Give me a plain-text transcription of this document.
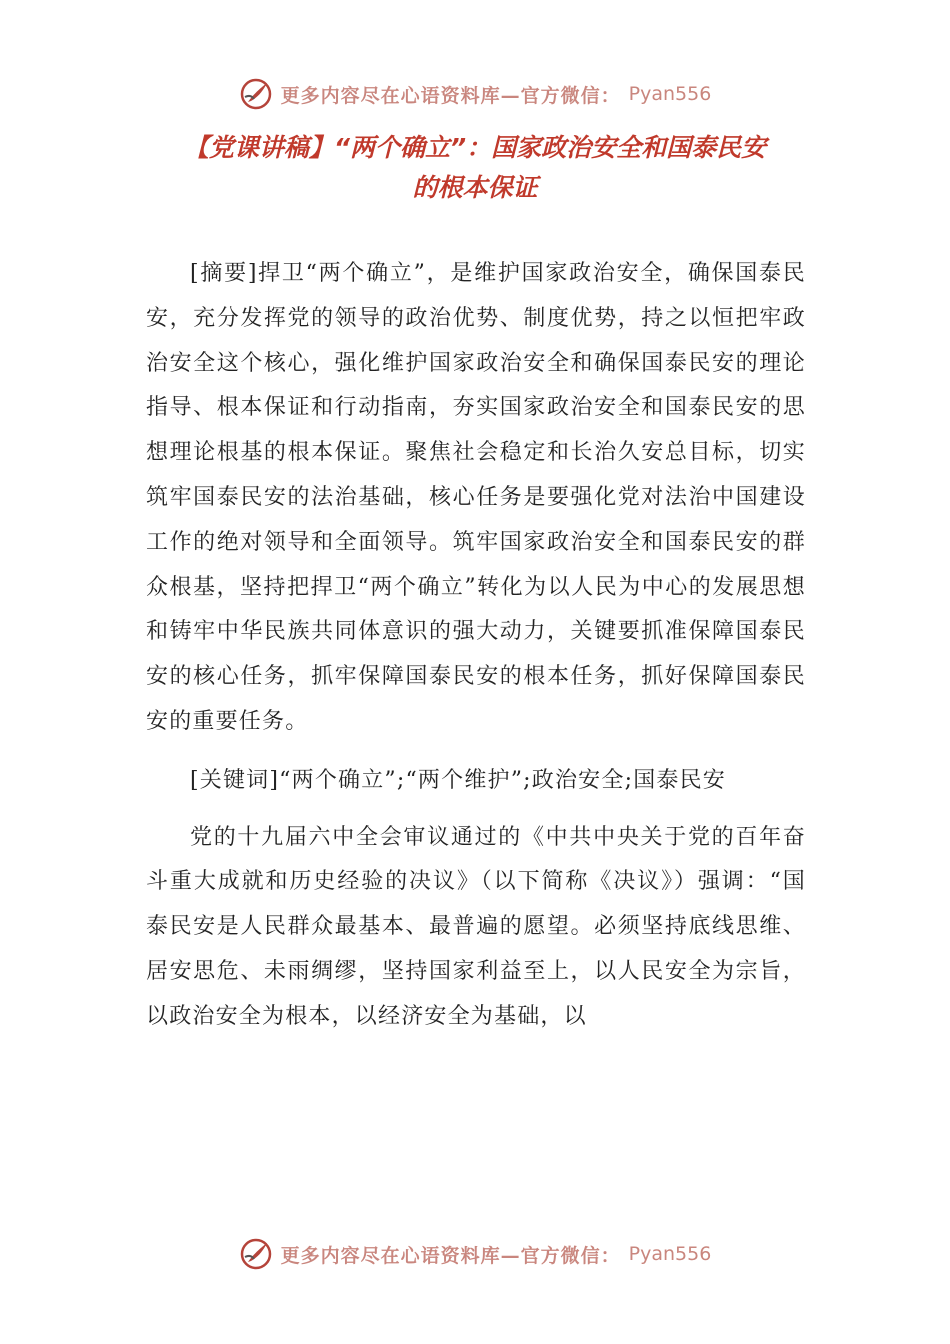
更多内容尽在心语资料库—官方微信： Pyan556
【党课讲稿】“两个确立”：国家政治安全和国泰民安
的根本保证

[摘要]捍卫“两个确立”，是维护国家政治安全，确保国泰民安，充分发挥党的领导的政治优势、制度优势，持之以恒把牢政治安全这个核心，强化维护国家政治安全和确保国泰民安的理论指导、根本保证和行动指南，夯实国家政治安全和国泰民安的思想理论根基的根本保证。聚焦社会稳定和长治久安总目标，切实筑牢国泰民安的法治基础，核心任务是要强化党对法治中国建设工作的绝对领导和全面领导。筑牢国家政治安全和国泰民安的群众根基，坚持把捍卫“两个确立”转化为以人民为中心的发展思想和铸牢中华民族共同体意识的强大动力，关键要抓准保障国泰民安的核心任务，抓牢保障国泰民安的根本任务，抓好保障国泰民安的重要任务。

[关键词]“两个确立”;“两个维护”;政治安全;国泰民安

党的十九届六中全会审议通过的《中共中央关于党的百年奋斗重大成就和历史经验的决议》（以下简称《决议》）强调：“国泰民安是人民群众最基本、最普遍的愿望。必须坚持底线思维、居安思危、未雨绸缪，坚持国家利益至上，以人民安全为宗旨，以政治安全为根本，以经济安全为基础，以

更多内容尽在心语资料库—官方微信： Pyan556
